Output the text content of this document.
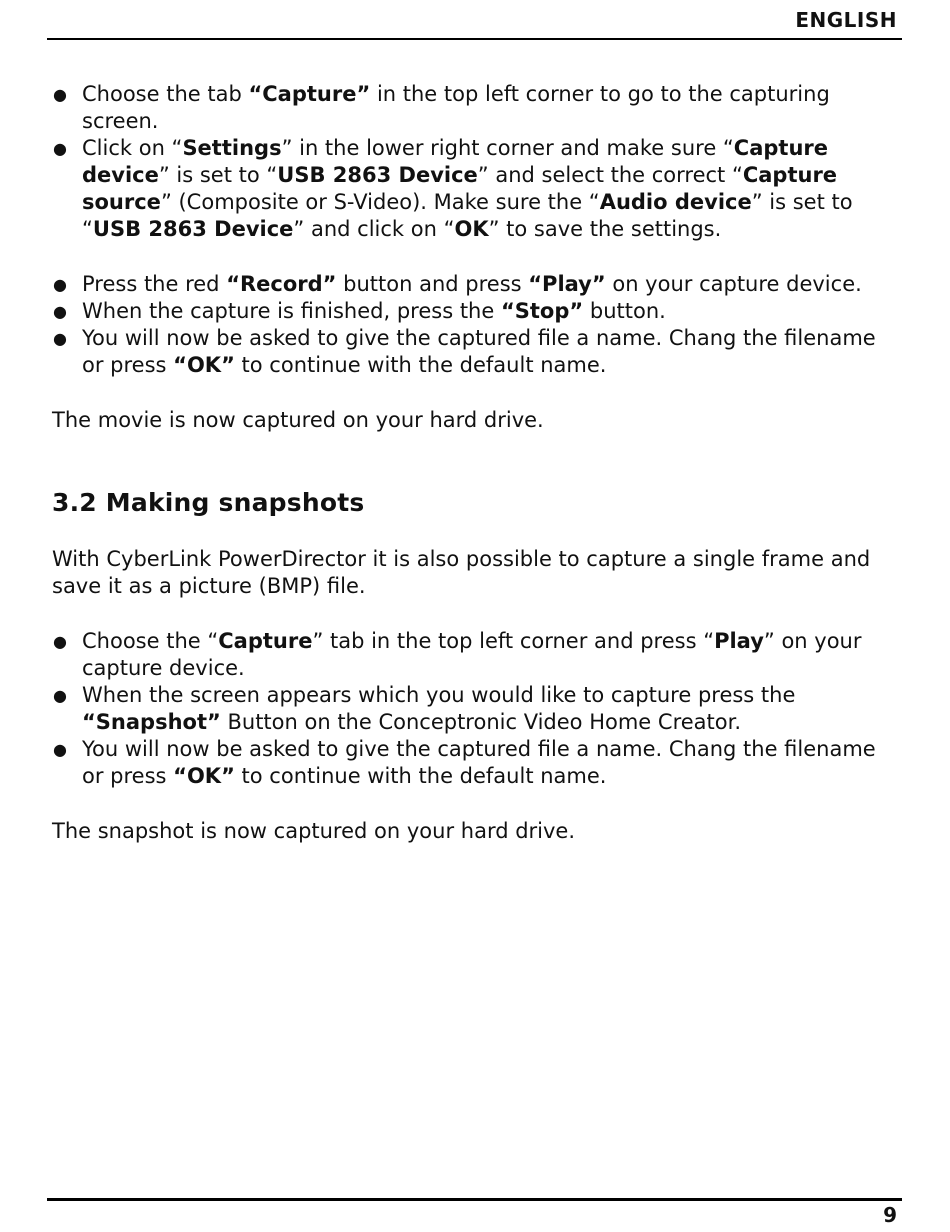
ENGLISH
● Choose the tab “Capture” in the top left corner to go to the capturing screen.
● Click on “Settings” in the lower right corner and make sure “Capture device” is set to “USB 2863 Device” and select the correct “Capture source” (Composite or S-Video). Make sure the “Audio device” is set to “USB 2863 Device” and click on “OK” to save the settings.
● Press the red “Record” button and press “Play” on your capture device.
● When the capture is finished, press the “Stop” button.
● You will now be asked to give the captured file a name. Chang the filename or press “OK” to continue with the default name.

The movie is now captured on your hard drive.

3.2 Making snapshots

With CyberLink PowerDirector it is also possible to capture a single frame and save it as a picture (BMP) file.

● Choose the “Capture” tab in the top left corner and press “Play” on your capture device.
● When the screen appears which you would like to capture press the “Snapshot” Button on the Conceptronic Video Home Creator.
● You will now be asked to give the captured file a name. Chang the filename or press “OK” to continue with the default name.

The snapshot is now captured on your hard drive.

9
